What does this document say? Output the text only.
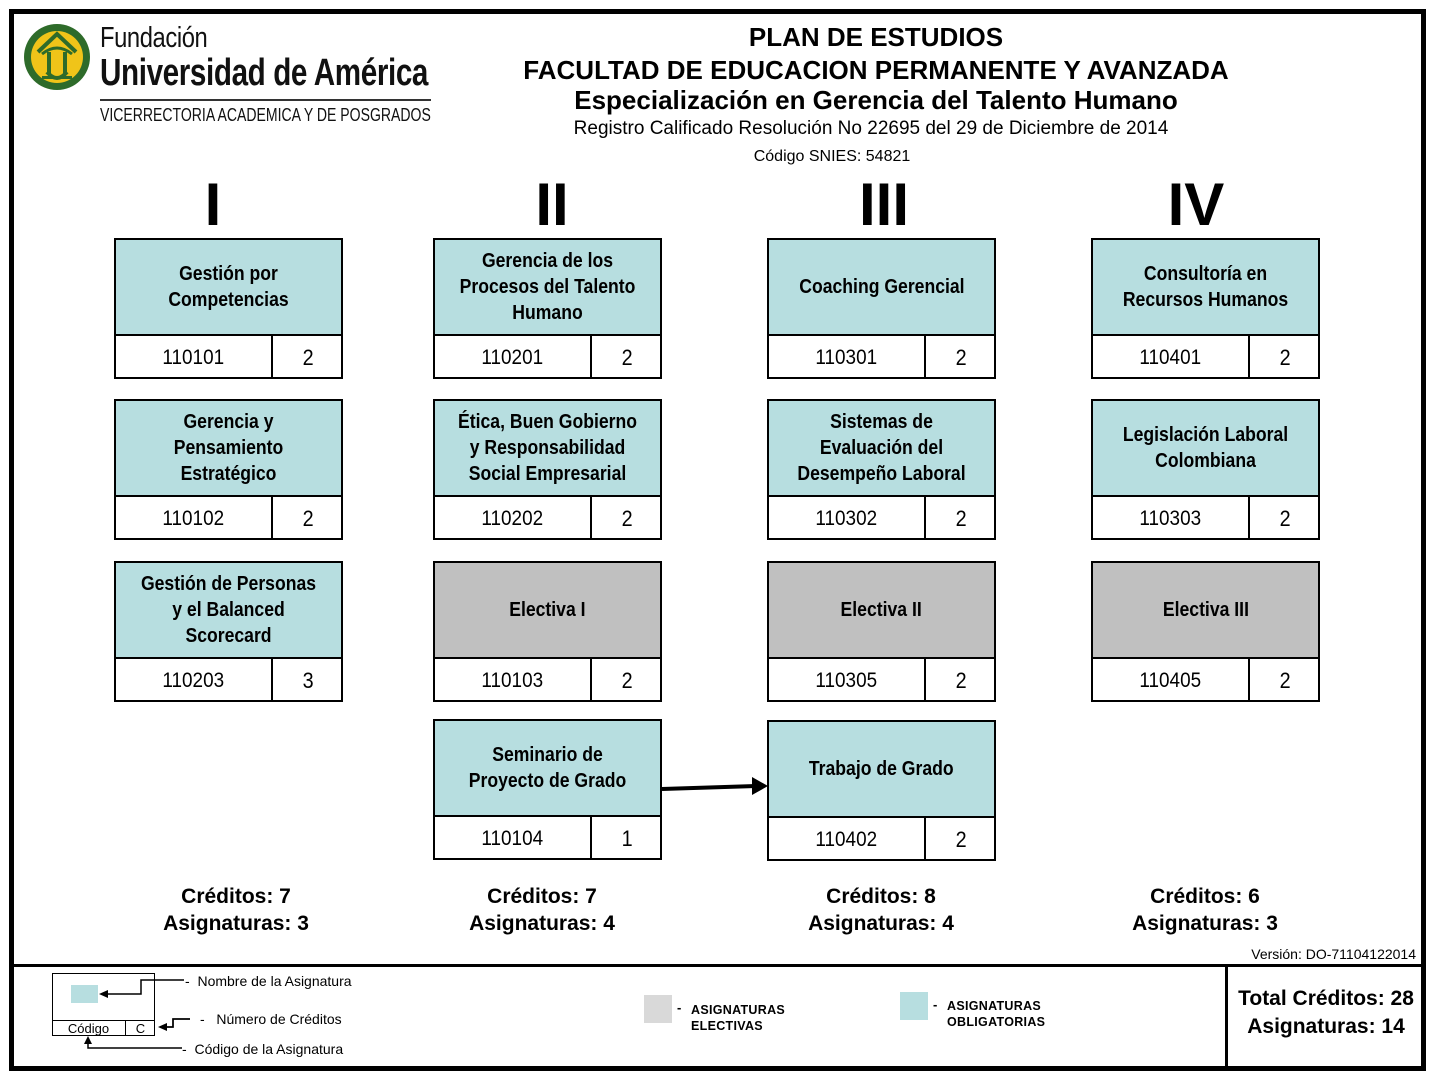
Fundación
Universidad de América
VICERRECTORIA ACADEMICA Y DE POSGRADOS
PLAN DE ESTUDIOS
FACULTAD DE EDUCACION PERMANENTE Y AVANZADA
Especialización en Gerencia del Talento Humano
Registro Calificado Resolución No 22695 del 29 de Diciembre de 2014
Código SNIES: 54821
I	II	III	IV
Gestión por Competencias
110101	2
Gerencia y Pensamiento Estratégico
110102	2
Gestión de Personas y el Balanced Scorecard
110203	3
Gerencia de los Procesos del Talento Humano
110201	2
Ética, Buen Gobierno y Responsabilidad Social Empresarial
110202	2
Electiva I
110103	2
Seminario de Proyecto de Grado
110104	1
Coaching Gerencial
110301	2
Sistemas de Evaluación del Desempeño Laboral
110302	2
Electiva II
110305	2
Trabajo de Grado
110402	2
Consultoría en Recursos Humanos
110401	2
Legislación Laboral Colombiana
110303	2
Electiva III
110405	2
Créditos: 7
Asignaturas: 3
Créditos: 7
Asignaturas: 4
Créditos: 8
Asignaturas: 4
Créditos: 6
Asignaturas: 3
Versión: DO-71104122014
Código	C
-  Nombre de la Asignatura
-   Número de Créditos
-  Código de la Asignatura
- ASIGNATURAS
ELECTIVAS
- ASIGNATURAS
OBLIGATORIAS
Total Créditos: 28
Asignaturas: 14
